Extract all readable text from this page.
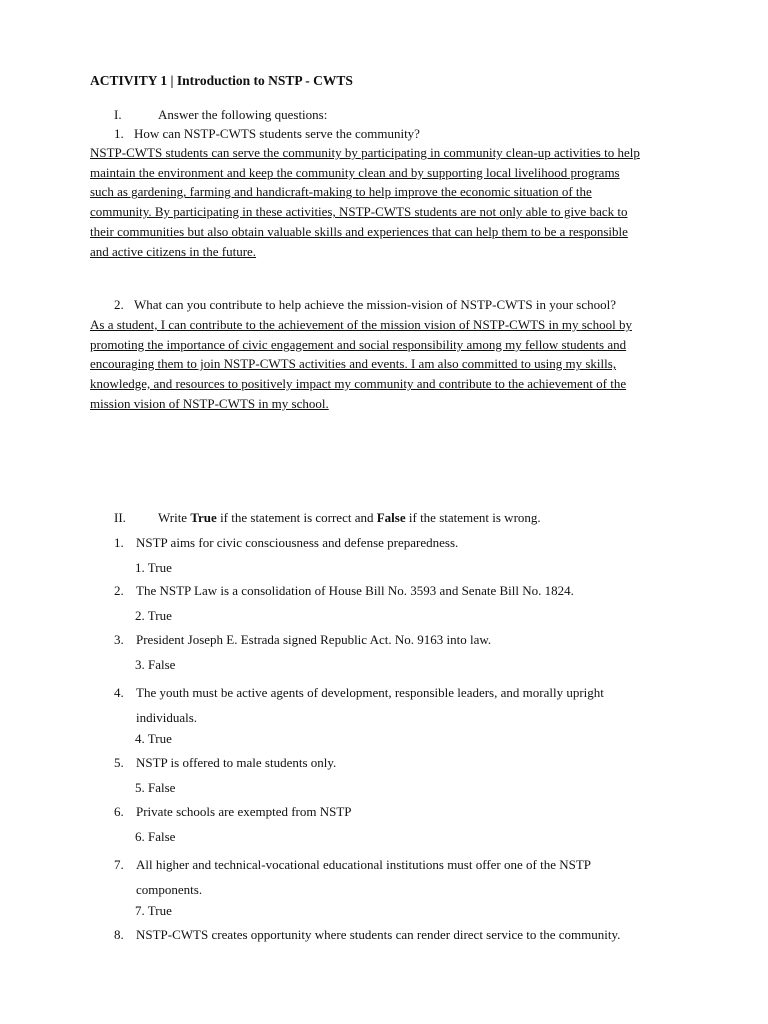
ACTIVITY 1 | Introduction to NSTP - CWTS
I.	Answer the following questions:
1. How can NSTP-CWTS students serve the community?
NSTP-CWTS students can serve the community by participating in community clean-up activities to help
maintain the environment and keep the community clean and by supporting local livelihood programs
such as gardening, farming and handicraft-making to help improve the economic situation of the
community. By participating in these activities, NSTP-CWTS students are not only able to give back to
their communities but also obtain valuable skills and experiences that can help them to be a responsible
and active citizens in the future.
2. What can you contribute to help achieve the mission-vision of NSTP-CWTS in your school?
As a student, I can contribute to the achievement of the mission vision of NSTP-CWTS in my school by
promoting the importance of civic engagement and social responsibility among my fellow students and
encouraging them to join NSTP-CWTS activities and events. I am also committed to using my skills,
knowledge, and resources to positively impact my community and contribute to the achievement of the
mission vision of NSTP-CWTS in my school.
II. Write True if the statement is correct and False if the statement is wrong.
1. NSTP aims for civic consciousness and defense preparedness.
1. True
2. The NSTP Law is a consolidation of House Bill No. 3593 and Senate Bill No. 1824.
2. True
3. President Joseph E. Estrada signed Republic Act. No. 9163 into law.
3. False
4. The youth must be active agents of development, responsible leaders, and morally upright
individuals.
4. True
5. NSTP is offered to male students only.
5. False
6. Private schools are exempted from NSTP
6. False
7. All higher and technical-vocational educational institutions must offer one of the NSTP
components.
7. True
8. NSTP-CWTS creates opportunity where students can render direct service to the community.
